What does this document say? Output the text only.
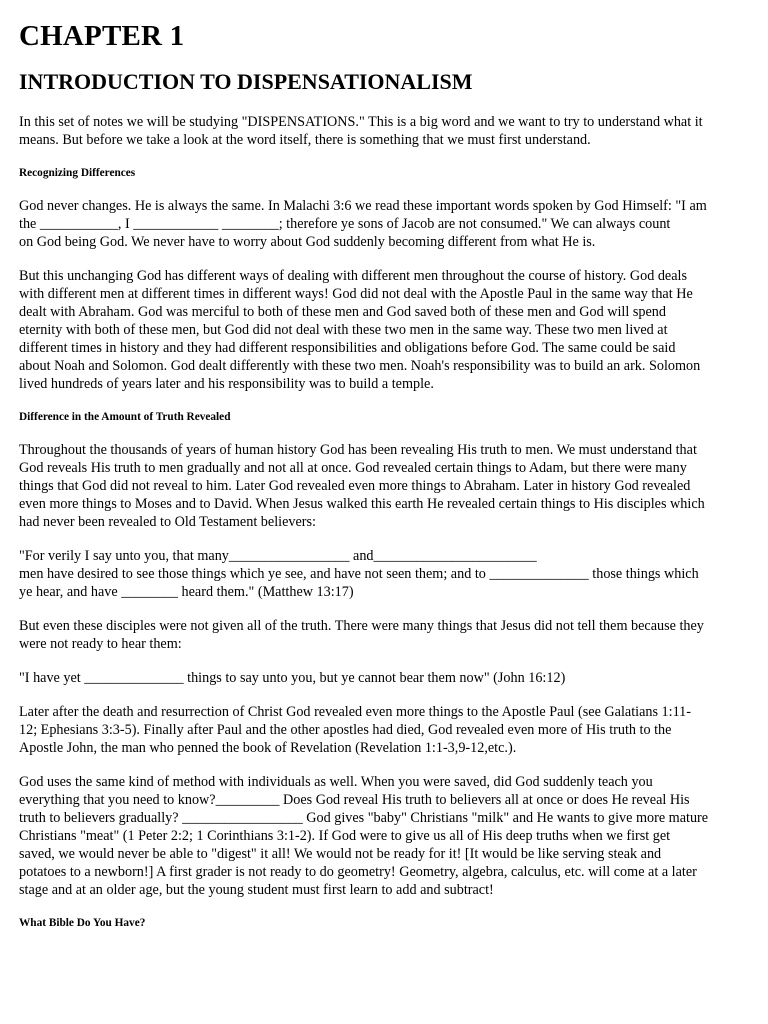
CHAPTER 1
INTRODUCTION TO DISPENSATIONALISM

In this set of notes we will be studying "DISPENSATIONS." This is a big word and we want to try to understand what it
means. But before we take a look at the word itself, there is something that we must first understand.

Recognizing Differences

God never changes. He is always the same. In Malachi 3:6 we read these important words spoken by God Himself: "I am
the ___________, I ____________ ________; therefore ye sons of Jacob are not consumed." We can always count
on God being God. We never have to worry about God suddenly becoming different from what He is.

But this unchanging God has different ways of dealing with different men throughout the course of history. God deals
with different men at different times in different ways! God did not deal with the Apostle Paul in the same way that He
dealt with Abraham. God was merciful to both of these men and God saved both of these men and God will spend
eternity with both of these men, but God did not deal with these two men in the same way. These two men lived at
different times in history and they had different responsibilities and obligations before God. The same could be said
about Noah and Solomon. God dealt differently with these two men. Noah's responsibility was to build an ark. Solomon
lived hundreds of years later and his responsibility was to build a temple.

Difference in the Amount of Truth Revealed

Throughout the thousands of years of human history God has been revealing His truth to men. We must understand that
God reveals His truth to men gradually and not all at once. God revealed certain things to Adam, but there were many
things that God did not reveal to him. Later God revealed even more things to Abraham. Later in history God revealed
even more things to Moses and to David. When Jesus walked this earth He revealed certain things to His disciples which
had never been revealed to Old Testament believers:

"For verily I say unto you, that many_________________ and_______________________
men have desired to see those things which ye see, and have not seen them; and to ______________ those things which
ye hear, and have ________ heard them." (Matthew 13:17)

But even these disciples were not given all of the truth. There were many things that Jesus did not tell them because they
were not ready to hear them:

"I have yet ______________ things to say unto you, but ye cannot bear them now" (John 16:12)

Later after the death and resurrection of Christ God revealed even more things to the Apostle Paul (see Galatians 1:11-
12; Ephesians 3:3-5). Finally after Paul and the other apostles had died, God revealed even more of His truth to the
Apostle John, the man who penned the book of Revelation (Revelation 1:1-3,9-12,etc.).

God uses the same kind of method with individuals as well. When you were saved, did God suddenly teach you
everything that you need to know?_________ Does God reveal His truth to believers all at once or does He reveal His
truth to believers gradually? _________________ God gives "baby" Christians "milk" and He wants to give more mature
Christians "meat" (1 Peter 2:2; 1 Corinthians 3:1-2). If God were to give us all of His deep truths when we first get
saved, we would never be able to "digest" it all! We would not be ready for it! [It would be like serving steak and
potatoes to a newborn!] A first grader is not ready to do geometry! Geometry, algebra, calculus, etc. will come at a later
stage and at an older age, but the young student must first learn to add and subtract!

What Bible Do You Have?
